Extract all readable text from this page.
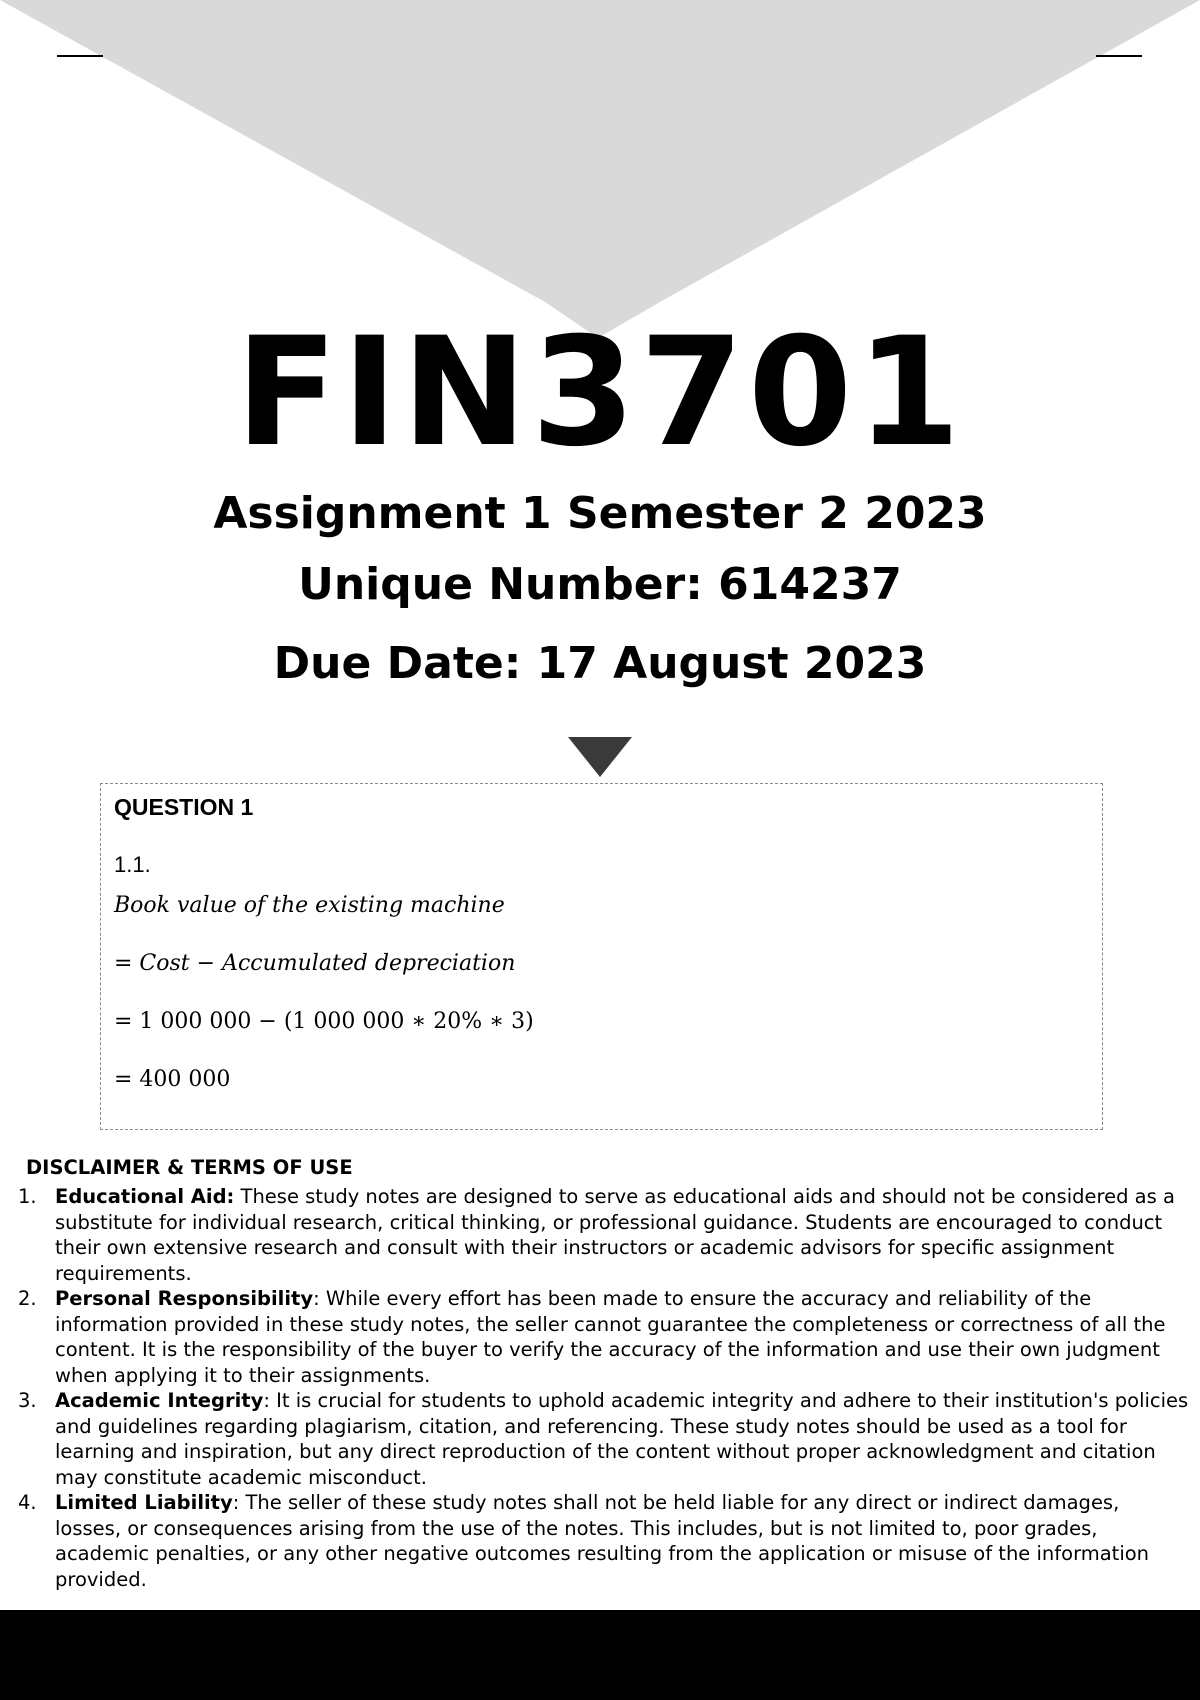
FIN3701
Assignment 1 Semester 2 2023
Unique Number: 614237
Due Date: 17 August 2023
QUESTION 1
1.1.
Book value of the existing machine
= Cost − Accumulated depreciation
= 1 000 000 − (1 000 000 ∗ 20% ∗ 3)
= 400 000
DISCLAIMER & TERMS OF USE
1. Educational Aid: These study notes are designed to serve as educational aids and should not be considered as a substitute for individual research, critical thinking, or professional guidance. Students are encouraged to conduct their own extensive research and consult with their instructors or academic advisors for specific assignment requirements.
2. Personal Responsibility: While every effort has been made to ensure the accuracy and reliability of the information provided in these study notes, the seller cannot guarantee the completeness or correctness of all the content. It is the responsibility of the buyer to verify the accuracy of the information and use their own judgment when applying it to their assignments.
3. Academic Integrity: It is crucial for students to uphold academic integrity and adhere to their institution's policies and guidelines regarding plagiarism, citation, and referencing. These study notes should be used as a tool for learning and inspiration, but any direct reproduction of the content without proper acknowledgment and citation may constitute academic misconduct.
4. Limited Liability: The seller of these study notes shall not be held liable for any direct or indirect damages, losses, or consequences arising from the use of the notes. This includes, but is not limited to, poor grades, academic penalties, or any other negative outcomes resulting from the application or misuse of the information provided.
